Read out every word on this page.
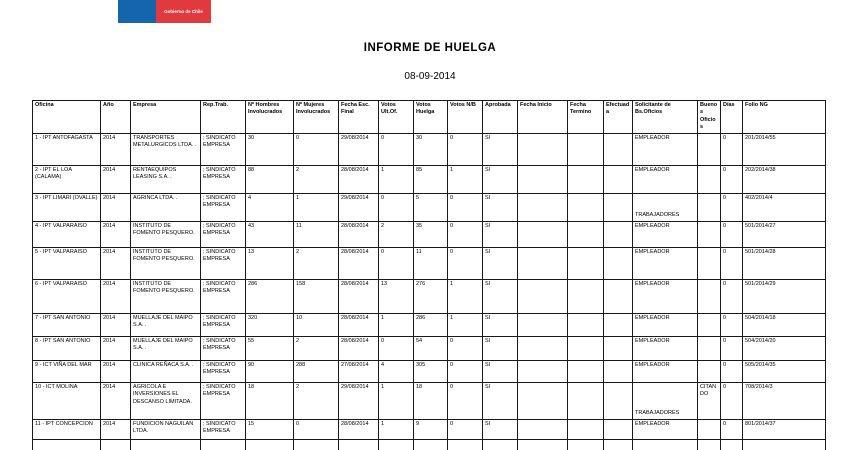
Gobierno de Chile
INFORME DE HUELGA
08-09-2014
Oficina	Año	Empresa	Rep.Trab.	Nº Hombres Involucrados	Nº Mujeres Involucrados	Fecha Esc. Final	Votos Ult.Of.	Votos Huelga	Votos N/B	Aprobada	Fecha Inicio	Fecha Termino	Efectuada	Solicitante de Bs.Oficios	Buenos Oficios	Días	Folio NG
1 - IPT ANTOFAGASTA	2014	TRANSPORTES METALURGICOS LTDA. .	; SINDICATO EMPRESA	30	0	29/08/2014	0	30	0	SI				EMPLEADOR		0	201/2014/55
2 - IPT EL LOA (CALAMA)	2014	RENTAEQUIPOS LEASING S.A. .	; SINDICATO EMPRESA	88	2	28/08/2014	1	85	1	SI				EMPLEADOR		0	202/2014/38
3 - IPT LIMARI (OVALLE)	2014	AGRINCA LTDA. .	; SINDICATO EMPRESA	4	1	29/08/2014	0	5	0	SI				TRABAJADORES		0	402/2014/4
4 - IPT VALPARAISO	2014	INSTITUTO DE FOMENTO PESQUERO.	; SINDICATO EMPRESA	43	11	28/08/2014	2	35	0	SI				EMPLEADOR		0	501/2014/27
5 - IPT VALPARAISO	2014	INSTITUTO DE FOMENTO PESQUERO.	; SINDICATO EMPRESA	13	2	28/08/2014	0	11	0	SI				EMPLEADOR		0	501/2014/28
6 - IPT VALPARAISO	2014	INSTITUTO DE FOMENTO PESQUERO.	; SINDICATO EMPRESA	286	158	28/08/2014	13	276	1	SI				EMPLEADOR		0	501/2014/29
7 - IPT SAN ANTONIO	2014	MUELLAJE DEL MAIPO S.A. .	; SINDICATO EMPRESA	320	10	28/08/2014	1	286	1	SI				EMPLEADOR		0	504/2014/18
8 - IPT SAN ANTONIO	2014	MUELLAJE DEL MAIPO S.A. .	; SINDICATO EMPRESA	55	2	28/08/2014	0	54	0	SI				EMPLEADOR		0	504/2014/20
9 - ICT VIÑA DEL MAR	2014	CLINICA REÑACA S.A. .	; SINDICATO EMPRESA	90	288	27/08/2014	4	305	0	SI				EMPLEADOR		0	505/2014/35
10 - ICT MOLINA	2014	AGRICOLA E INVERSIONES EL DESCANSO LIMITADA.	; SINDICATO EMPRESA	18	2	29/08/2014	1	18	0	SI				TRABAJADORES	CITANDO	0	708/2014/3
11 - IPT CONCEPCION	2014	FUNDICION NAGUILAN LTDA.	; SINDICATO EMPRESA	15	0	28/08/2014	1	9	0	SI				EMPLEADOR		0	801/2014/37
